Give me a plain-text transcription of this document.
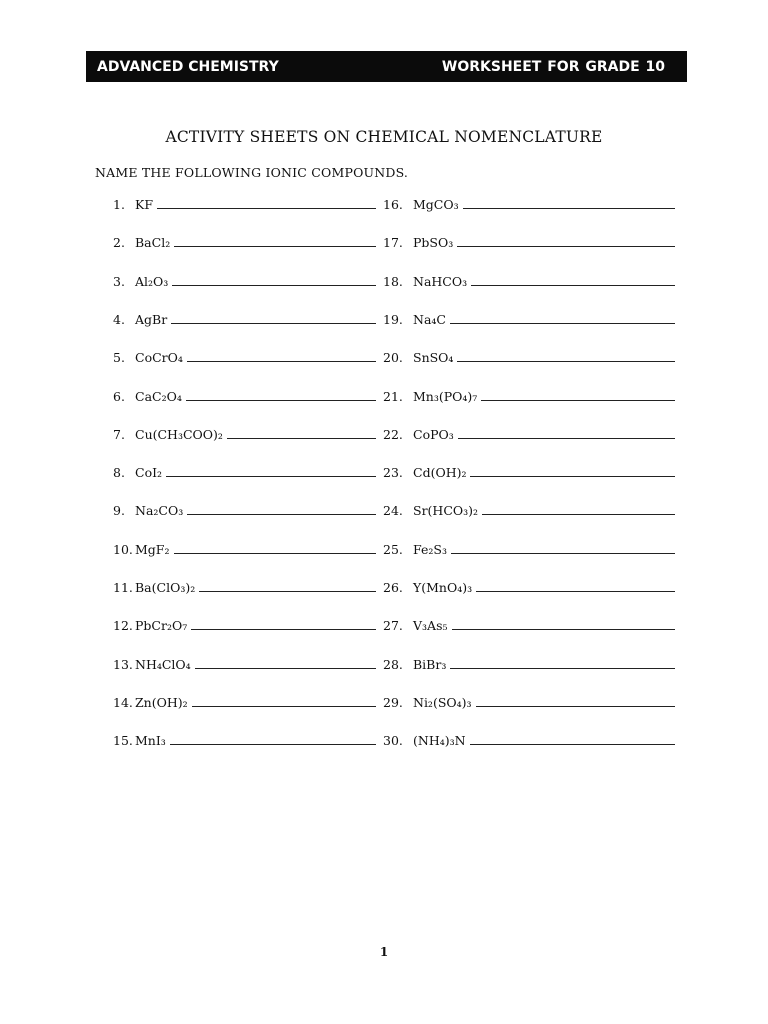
ADVANCED CHEMISTRY	WORKSHEET FOR GRADE 10
ACTIVITY SHEETS ON CHEMICAL NOMENCLATURE
NAME THE FOLLOWING IONIC COMPOUNDS.
1. KF	16. MgCO₃
2. BaCl₂	17. PbSO₃
3. Al₂O₃	18. NaHCO₃
4. AgBr	19. Na₄C
5. CoCrO₄	20. SnSO₄
6. CaC₂O₄	21. Mn₃(PO₄)₇
7. Cu(CH₃COO)₂	22. CoPO₃
8. CoI₂	23. Cd(OH)₂
9. Na₂CO₃	24. Sr(HCO₃)₂
10. MgF₂	25. Fe₂S₃
11. Ba(ClO₃)₂	26. Y(MnO₄)₃
12. PbCr₂O₇	27. V₃As₅
13. NH₄ClO₄	28. BiBr₃
14. Zn(OH)₂	29. Ni₂(SO₄)₃
15. MnI₃	30. (NH₄)₃N
1
